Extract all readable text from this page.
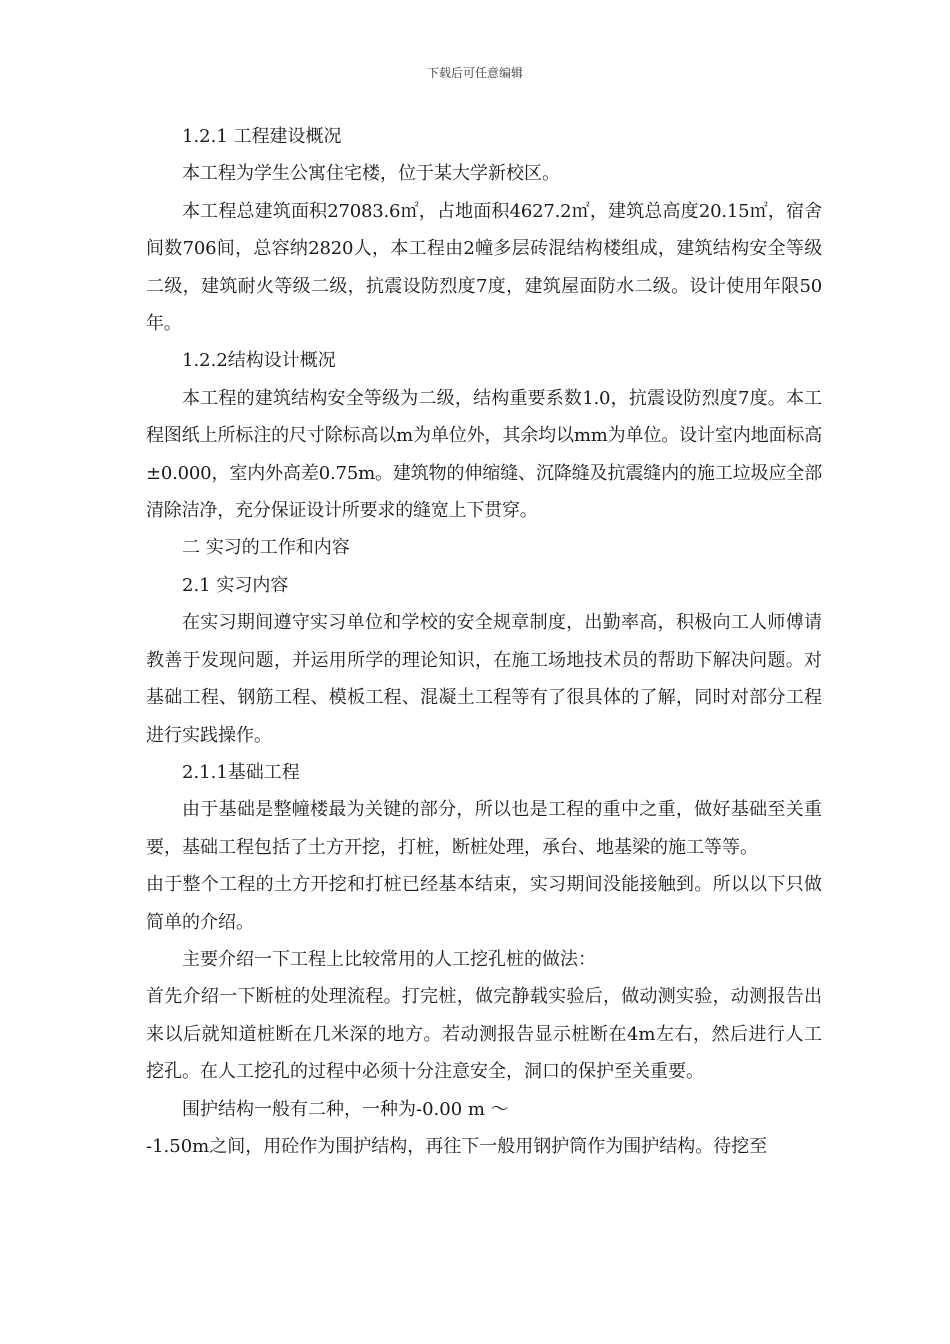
下载后可任意编辑

1.2.1 工程建设概况

本工程为学生公寓住宅楼，位于某大学新校区。

本工程总建筑面积27083.6㎡，占地面积4627.2㎡，建筑总高度20.15㎡，宿舍间数706间，总容纳2820人，本工程由2幢多层砖混结构楼组成，建筑结构安全等级二级，建筑耐火等级二级，抗震设防烈度7度，建筑屋面防水二级。设计使用年限50年。

1.2.2结构设计概况

本工程的建筑结构安全等级为二级，结构重要系数1.0，抗震设防烈度7度。本工程图纸上所标注的尺寸除标高以m为单位外，其余均以mm为单位。设计室内地面标高±0.000，室内外高差0.75m。建筑物的伸缩缝、沉降缝及抗震缝内的施工垃圾应全部清除洁净，充分保证设计所要求的缝宽上下贯穿。

二 实习的工作和内容

2.1 实习内容

在实习期间遵守实习单位和学校的安全规章制度，出勤率高，积极向工人师傅请教善于发现问题，并运用所学的理论知识，在施工场地技术员的帮助下解决问题。对基础工程、钢筋工程、模板工程、混凝土工程等有了很具体的了解，同时对部分工程进行实践操作。

2.1.1基础工程

由于基础是整幢楼最为关键的部分，所以也是工程的重中之重，做好基础至关重要，基础工程包括了土方开挖，打桩，断桩处理，承台、地基梁的施工等等。

由于整个工程的土方开挖和打桩已经基本结束，实习期间没能接触到。所以以下只做简单的介绍。

主要介绍一下工程上比较常用的人工挖孔桩的做法：

首先介绍一下断桩的处理流程。打完桩，做完静载实验后，做动测实验，动测报告出来以后就知道桩断在几米深的地方。若动测报告显示桩断在4m左右，然后进行人工挖孔。在人工挖孔的过程中必须十分注意安全，洞口的保护至关重要。

围护结构一般有二种，一种为-0.00 m ～

-1.50m之间，用砼作为围护结构，再往下一般用钢护筒作为围护结构。待挖至
